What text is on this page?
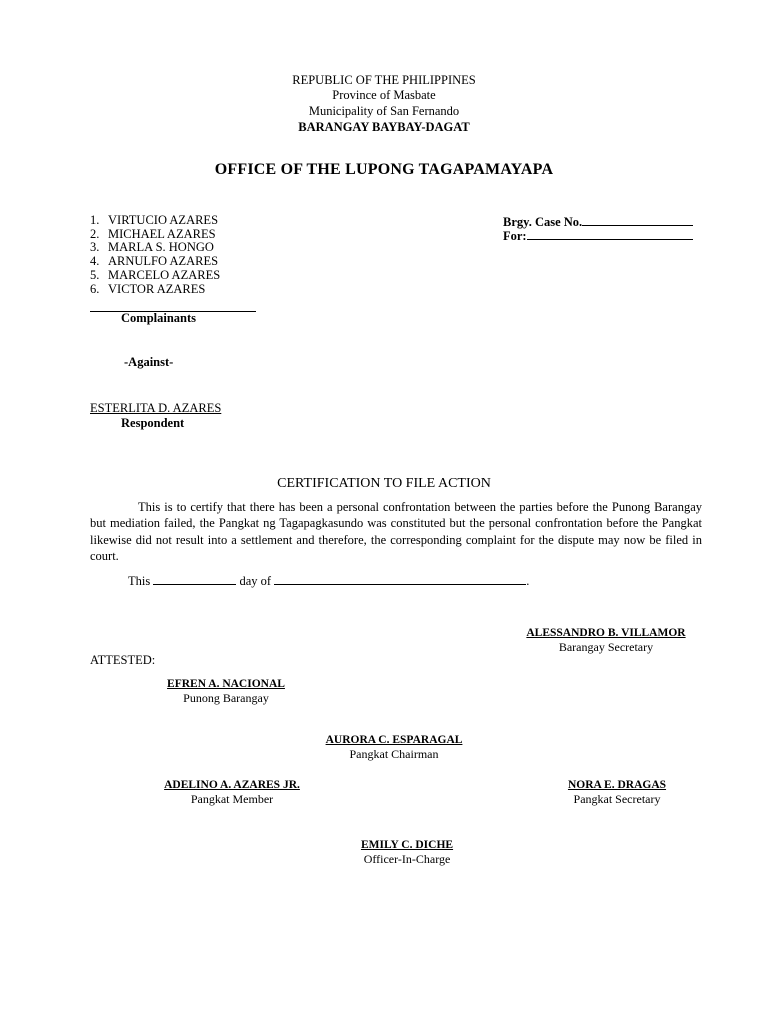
REPUBLIC OF THE PHILIPPINES
Province of Masbate
Municipality of San Fernando
BARANGAY BAYBAY-DAGAT
OFFICE OF THE LUPONG TAGAPAMAYAPA
1. VIRTUCIO AZARES
2. MICHAEL AZARES
3. MARLA S. HONGO
4. ARNULFO AZARES
5. MARCELO AZARES
6. VICTOR AZARES
Complainants
Brgy. Case No.
For:
-Against-
ESTERLITA D. AZARES
Respondent
CERTIFICATION TO FILE ACTION
This is to certify that there has been a personal confrontation between the parties before the Punong Barangay but mediation failed, the Pangkat ng Tagapagkasundo was constituted but the personal confrontation before the Pangkat likewise did not result into a settlement and therefore, the corresponding complaint for the dispute may now be filed in court.
This	day of	.
ALESSANDRO B. VILLAMOR
Barangay Secretary
ATTESTED:
EFREN A. NACIONAL
Punong Barangay
AURORA C. ESPARAGAL
Pangkat Chairman
ADELINO A. AZARES JR.
Pangkat Member
NORA E. DRAGAS
Pangkat Secretary
EMILY C. DICHE
Officer-In-Charge
